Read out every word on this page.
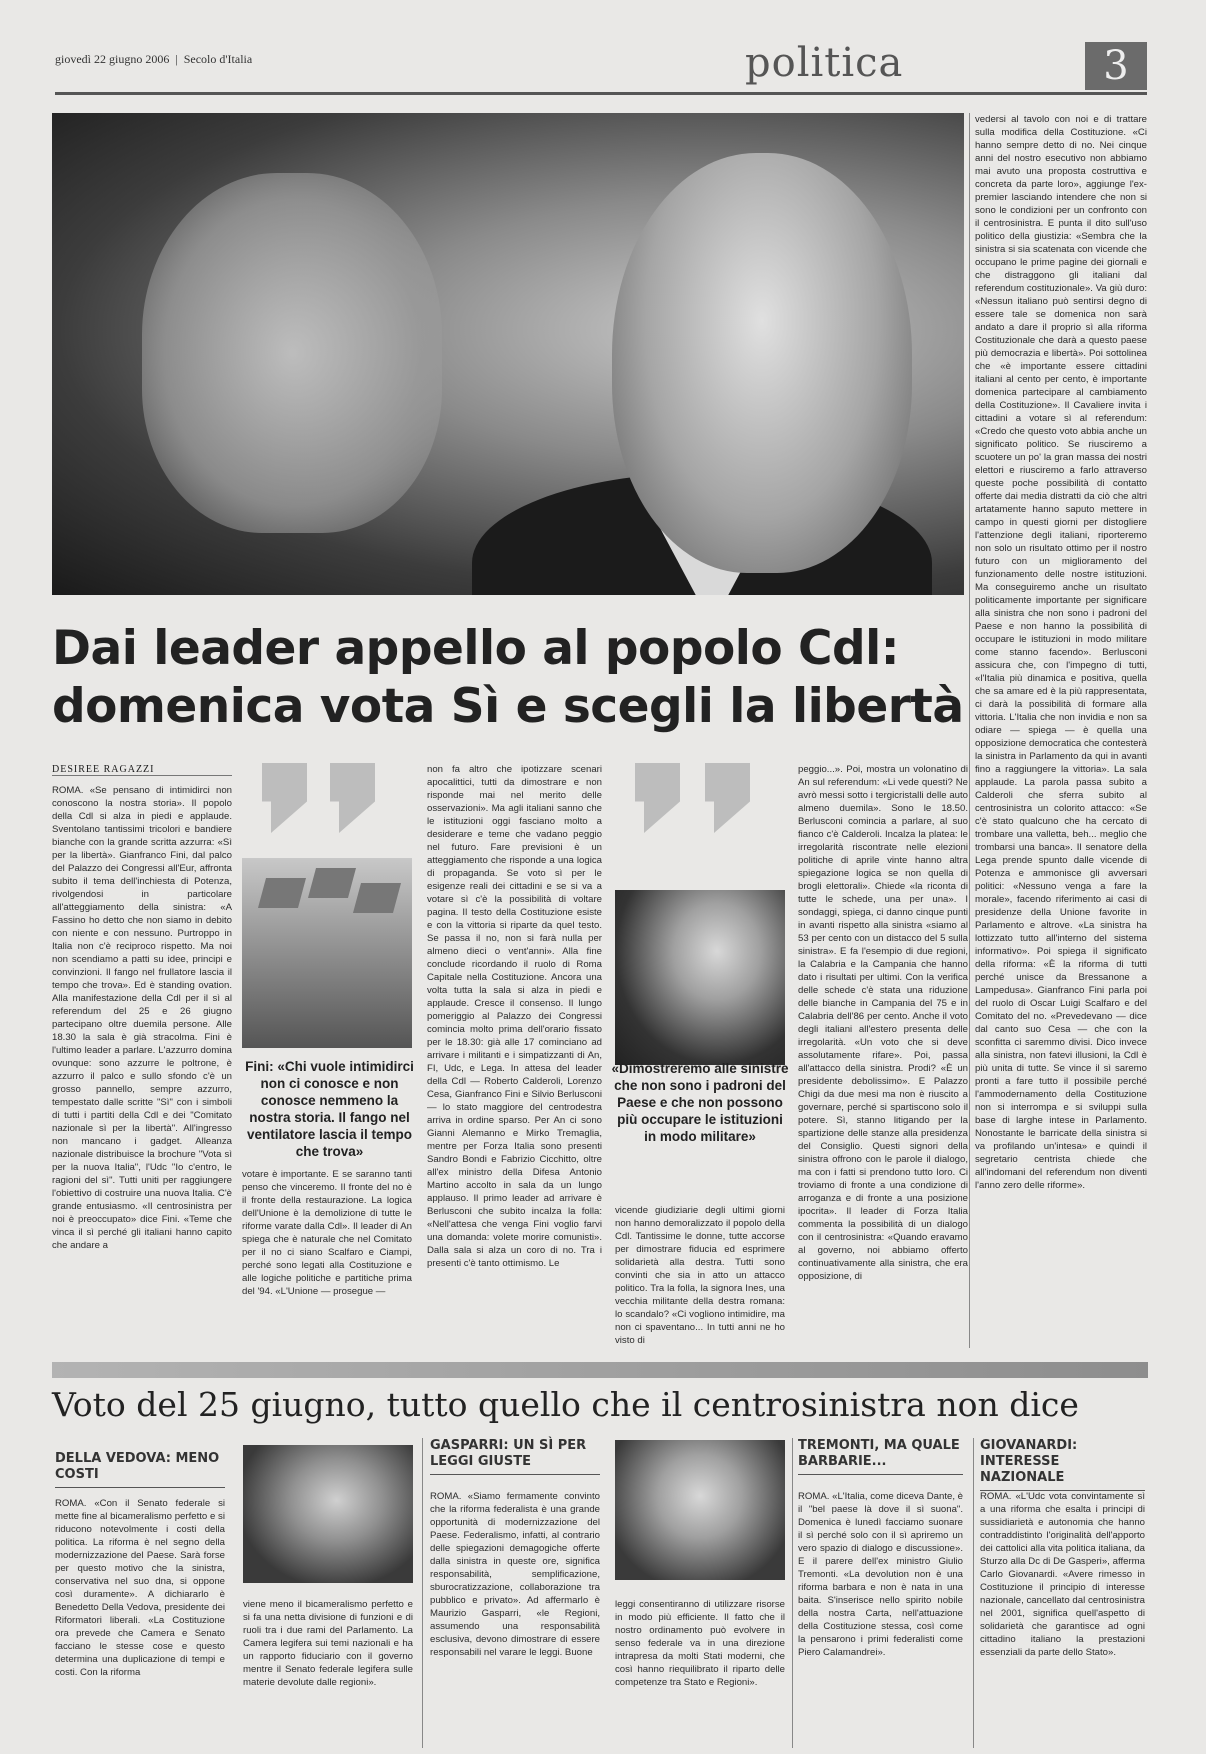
giovedì 22 giugno 2006  |  Secolo d'Italia	politica	3
vedersi al tavolo con noi e di trattare sulla modifica della Costituzione. «Ci hanno sempre detto di no. Nei cinque anni del nostro esecutivo non abbiamo mai avuto una proposta costruttiva e concreta da parte loro», aggiunge l'ex-premier lasciando intendere che non si sono le condizioni per un confronto con il centrosinistra. E punta il dito sull'uso politico della giustizia: «Sembra che la sinistra si sia scatenata con vicende che occupano le prime pagine dei giornali e che distraggono gli italiani dal referendum costituzionale». Va giù duro: «Nessun italiano può sentirsi degno di essere tale se domenica non sarà andato a dare il proprio sì alla riforma Costituzionale che darà a questo paese più democrazia e libertà». Poi sottolinea che «è importante essere cittadini italiani al cento per cento, è importante domenica partecipare al cambiamento della Costituzione». Il Cavaliere invita i cittadini a votare sì al referendum: «Credo che questo voto abbia anche un significato politico. Se riusciremo a scuotere un po' la gran massa dei nostri elettori e riusciremo a farlo attraverso queste poche possibilità di contatto offerte dai media distratti da ciò che altri artatamente hanno saputo mettere in campo in questi giorni per distogliere l'attenzione degli italiani, riporteremo non solo un risultato ottimo per il nostro futuro con un miglioramento del funzionamento delle nostre istituzioni. Ma conseguiremo anche un risultato politicamente importante per significare alla sinistra che non sono i padroni del Paese e non hanno la possibilità di occupare le istituzioni in modo militare come stanno facendo». Berlusconi assicura che, con l'impegno di tutti, «l'Italia più dinamica e positiva, quella che sa amare ed è la più rappresentata, ci darà la possibilità di formare alla vittoria. L'Italia che non invidia e non sa odiare — spiega — è quella una opposizione democratica che contesterà la sinistra in Parlamento da qui in avanti fino a raggiungere la vittoria». La sala applaude. La parola passa subito a Calderoli che sferra subito al centrosinistra un colorito attacco: «Se c'è stato qualcuno che ha cercato di trombare una valletta, beh... meglio che trombarsi una banca». Il senatore della Lega prende spunto dalle vicende di Potenza e ammonisce gli avversari politici: «Nessuno venga a fare la morale», facendo riferimento ai casi di presidenze della Unione favorite in Parlamento e altrove. «La sinistra ha lottizzato tutto all'interno del sistema informativo». Poi spiega il significato della riforma: «È la riforma di tutti perché unisce da Bressanone a Lampedusa». Gianfranco Fini parla poi del ruolo di Oscar Luigi Scalfaro e del Comitato del no. «Prevedevano — dice dal canto suo Cesa — che con la sconfitta ci saremmo divisi. Dico invece alla sinistra, non fatevi illusioni, la Cdl è più unita di tutte. Se vince il sì saremo pronti a fare tutto il possibile perché l'ammodernamento della Costituzione non si interrompa e si sviluppi sulla base di larghe intese in Parlamento. Nonostante le barricate della sinistra si va profilando un'intesa» e quindi il segretario centrista chiede che all'indomani del referendum non diventi l'anno zero delle riforme».
Dai leader appello al popolo Cdl:
domenica vota Sì e scegli la libertà
DESIREE RAGAZZI
ROMA. «Se pensano di intimidirci non conoscono la nostra storia». Il popolo della Cdl si alza in piedi e applaude. Sventolano tantissimi tricolori e bandiere bianche con la grande scritta azzurra: «Sì per la libertà». Gianfranco Fini, dal palco del Palazzo dei Congressi all'Eur, affronta subito il tema dell'inchiesta di Potenza, rivolgendosi in particolare all'atteggiamento della sinistra: «A Fassino ho detto che non siamo in debito con niente e con nessuno. Purtroppo in Italia non c'è reciproco rispetto. Ma noi non scendiamo a patti su idee, principi e convinzioni. Il fango nel frullatore lascia il tempo che trova». Ed è standing ovation. Alla manifestazione della Cdl per il sì al referendum del 25 e 26 giugno partecipano oltre duemila persone. Alle 18.30 la sala è già stracolma. Fini è l'ultimo leader a parlare. L'azzurro domina ovunque: sono azzurre le poltrone, è azzurro il palco e sullo sfondo c'è un grosso pannello, sempre azzurro, tempestato dalle scritte "Sì" con i simboli di tutti i partiti della Cdl e dei "Comitato nazionale sì per la libertà". All'ingresso non mancano i gadget. Alleanza nazionale distribuisce la brochure "Vota sì per la nuova Italia", l'Udc "Io c'entro, le ragioni del sì". Tutti uniti per raggiungere l'obiettivo di costruire una nuova Italia. C'è grande entusiasmo. «Il centrosinistra per noi è preoccupato» dice Fini. «Teme che vinca il sì perché gli italiani hanno capito che andare a
Fini: «Chi vuole intimidirci non ci conosce e non conosce nemmeno la nostra storia. Il fango nel ventilatore lascia il tempo che trova»
votare è importante. E se saranno tanti penso che vinceremo. Il fronte del no è il fronte della restaurazione. La logica dell'Unione è la demolizione di tutte le riforme varate dalla Cdl». Il leader di An spiega che è naturale che nel Comitato per il no ci siano Scalfaro e Ciampi, perché sono legati alla Costituzione e alle logiche politiche e partitiche prima del '94. «L'Unione — prosegue —
non fa altro che ipotizzare scenari apocalittici, tutti da dimostrare e non risponde mai nel merito delle osservazioni». Ma agli italiani sanno che le istituzioni oggi fasciano molto a desiderare e teme che vadano peggio nel futuro. Fare previsioni è un atteggiamento che risponde a una logica di propaganda. Se voto sì per le esigenze reali dei cittadini e se si va a votare sì c'è la possibilità di voltare pagina. Il testo della Costituzione esiste e con la vittoria si riparte da quel testo. Se passa il no, non si farà nulla per almeno dieci o vent'anni». Alla fine conclude ricordando il ruolo di Roma Capitale nella Costituzione. Ancora una volta tutta la sala si alza in piedi e applaude. Cresce il consenso. Il lungo pomeriggio al Palazzo dei Congressi comincia molto prima dell'orario fissato per le 18.30: già alle 17 cominciano ad arrivare i militanti e i simpatizzanti di An, FI, Udc, e Lega. In attesa del leader della Cdl — Roberto Calderoli, Lorenzo Cesa, Gianfranco Fini e Silvio Berlusconi — lo stato maggiore del centrodestra arriva in ordine sparso. Per An ci sono Gianni Alemanno e Mirko Tremaglia, mentre per Forza Italia sono presenti Sandro Bondi e Fabrizio Cicchitto, oltre all'ex ministro della Difesa Antonio Martino accolto in sala da un lungo applauso. Il primo leader ad arrivare è Berlusconi che subito incalza la folla: «Nell'attesa che venga Fini voglio farvi una domanda: volete morire comunisti». Dalla sala si alza un coro di no. Tra i presenti c'è tanto ottimismo. Le
«Dimostreremo alle sinistre che non sono i padroni del Paese e che non possono più occupare le istituzioni in modo militare»
vicende giudiziarie degli ultimi giorni non hanno demoralizzato il popolo della Cdl. Tantissime le donne, tutte accorse per dimostrare fiducia ed esprimere solidarietà alla destra. Tutti sono convinti che sia in atto un attacco politico. Tra la folla, la signora Ines, una vecchia militante della destra romana: lo scandalo? «Ci vogliono intimidire, ma non ci spaventano... In tutti anni ne ho visto di
peggio...». Poi, mostra un volonatino di An sul referendum: «Li vede questi? Ne avrò messi sotto i tergicristalli delle auto almeno duemila». Sono le 18.50. Berlusconi comincia a parlare, al suo fianco c'è Calderoli. Incalza la platea: le irregolarità riscontrate nelle elezioni politiche di aprile vinte hanno altra spiegazione logica se non quella di brogli elettorali». Chiede «la riconta di tutte le schede, una per una». I sondaggi, spiega, ci danno cinque punti in avanti rispetto alla sinistra «siamo al 53 per cento con un distacco del 5 sulla sinistra». E fa l'esempio di due regioni, la Calabria e la Campania che hanno dato i risultati per ultimi. Con la verifica delle schede c'è stata una riduzione delle bianche in Campania del 75 e in Calabria dell'86 per cento. Anche il voto degli italiani all'estero presenta delle irregolarità. «Un voto che si deve assolutamente rifare». Poi, passa all'attacco della sinistra. Prodi? «È un presidente debolissimo». E Palazzo Chigi da due mesi ma non è riuscito a governare, perché si spartiscono solo il potere. Sì, stanno litigando per la spartizione delle stanze alla presidenza del Consiglio. Questi signori della sinistra offrono con le parole il dialogo, ma con i fatti si prendono tutto loro. Ci troviamo di fronte a una condizione di arroganza e di fronte a una posizione ipocrita». Il leader di Forza Italia commenta la possibilità di un dialogo con il centrosinistra: «Quando eravamo al governo, noi abbiamo offerto continuativamente alla sinistra, che era opposizione, di
Voto del 25 giugno, tutto quello che il centrosinistra non dice
DELLA VEDOVA: MENO COSTI
ROMA. «Con il Senato federale si mette fine al bicameralismo perfetto e si riducono notevolmente i costi della politica. La riforma è nel segno della modernizzazione del Paese. Sarà forse per questo motivo che la sinistra, conservativa nel suo dna, si oppone così duramente». A dichiararlo è Benedetto Della Vedova, presidente dei Riformatori liberali. «La Costituzione ora prevede che Camera e Senato facciano le stesse cose e questo determina una duplicazione di tempi e costi. Con la riforma
viene meno il bicameralismo perfetto e si fa una netta divisione di funzioni e di ruoli tra i due rami del Parlamento. La Camera legifera sui temi nazionali e ha un rapporto fiduciario con il governo mentre il Senato federale legifera sulle materie devolute dalle regioni».
GASPARRI: UN SÌ PER LEGGI GIUSTE
ROMA. «Siamo fermamente convinto che la riforma federalista è una grande opportunità di modernizzazione del Paese. Federalismo, infatti, al contrario delle spiegazioni demagogiche offerte dalla sinistra in queste ore, significa responsabilità, semplificazione, sburocratizzazione, collaborazione tra pubblico e privato». Ad affermarlo è Maurizio Gasparri, «le Regioni, assumendo una responsabilità esclusiva, devono dimostrare di essere responsabili nel varare le leggi. Buone
leggi consentiranno di utilizzare risorse in modo più efficiente. Il fatto che il nostro ordinamento può evolvere in senso federale va in una direzione intrapresa da molti Stati moderni, che così hanno riequilibrato il riparto delle competenze tra Stato e Regioni».
TREMONTI, MA QUALE BARBARIE...
ROMA. «L'Italia, come diceva Dante, è il "bel paese là dove il sì suona". Domenica è lunedì facciamo suonare il sì perché solo con il sì apriremo un vero spazio di dialogo e discussione». E il parere dell'ex ministro Giulio Tremonti. «La devolution non è una riforma barbara e non è nata in una baita. S'inserisce nello spirito nobile della nostra Carta, nell'attuazione della Costituzione stessa, così come la pensarono i primi federalisti come Piero Calamandrei».
GIOVANARDI: INTERESSE NAZIONALE
ROMA. «L'Udc vota convintamente sì a una riforma che esalta i principi di sussidiarietà e autonomia che hanno contraddistinto l'originalità dell'apporto dei cattolici alla vita politica italiana, da Sturzo alla Dc di De Gasperi», afferma Carlo Giovanardi. «Avere rimesso in Costituzione il principio di interesse nazionale, cancellato dal centrosinistra nel 2001, significa quell'aspetto di solidarietà che garantisce ad ogni cittadino italiano la prestazioni essenziali da parte dello Stato».
